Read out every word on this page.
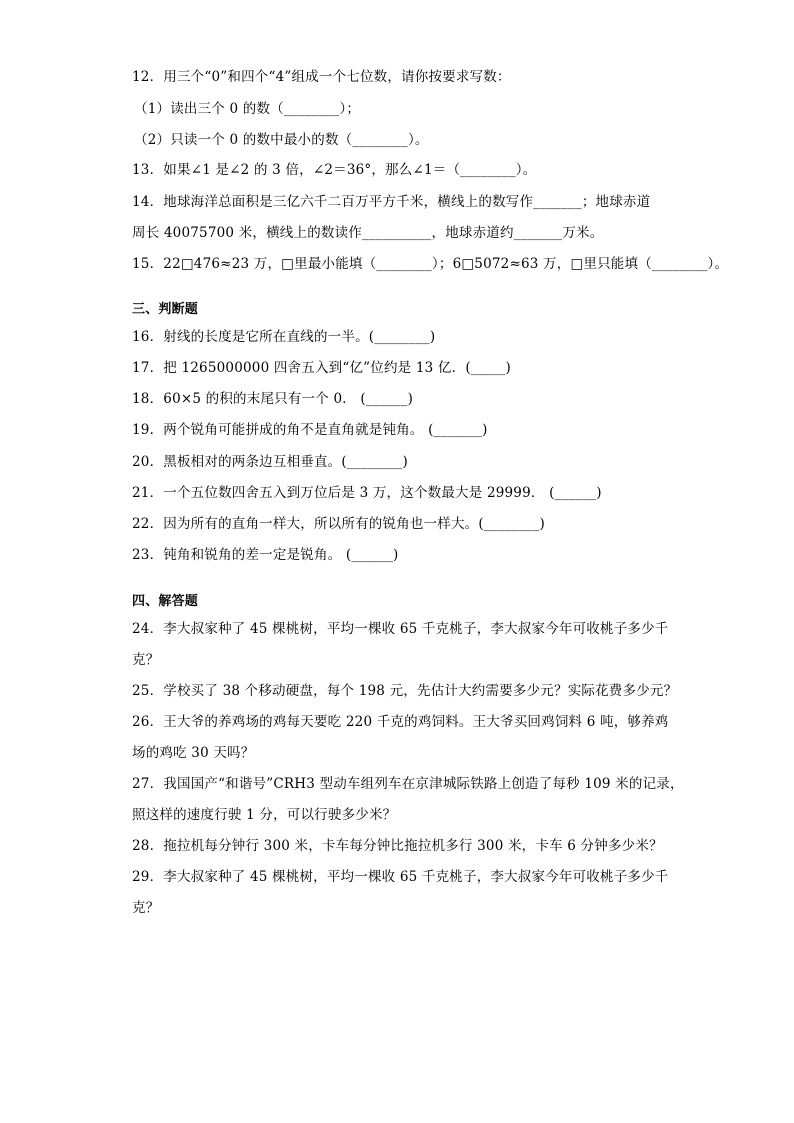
12．用三个“0”和四个“4”组成一个七位数，请你按要求写数：
（1）读出三个 0 的数（________）；
（2）只读一个 0 的数中最小的数（________）。
13．如果∠1 是∠2 的 3 倍，∠2＝36°，那么∠1＝（________）。
14．地球海洋总面积是三亿六千二百万平方千米，横线上的数写作_______；地球赤道
周长 40075700 米，横线上的数读作__________，地球赤道约_______万米。
15．22□476≈23 万，□里最小能填（________）；6□5072≈63 万，□里只能填（________）。
三、判断题
16．射线的长度是它所在直线的一半。(________)
17．把 1265000000 四舍五入到“亿”位约是 13 亿．(_____)
18．60×5 的积的末尾只有一个 0． (______)
19．两个锐角可能拼成的角不是直角就是钝角。 (_______)
20．黑板相对的两条边互相垂直。(________)
21．一个五位数四舍五入到万位后是 3 万，这个数最大是 29999． (______)
22．因为所有的直角一样大，所以所有的锐角也一样大。(________)
23．钝角和锐角的差一定是锐角。 (______)
四、解答题
24．李大叔家种了 45 棵桃树，平均一棵收 65 千克桃子，李大叔家今年可收桃子多少千
克？
25．学校买了 38 个移动硬盘，每个 198 元，先估计大约需要多少元？实际花费多少元？
26．王大爷的养鸡场的鸡每天要吃 220 千克的鸡饲料。王大爷买回鸡饲料 6 吨，够养鸡
场的鸡吃 30 天吗？
27．我国国产“和谐号”CRH3 型动车组列车在京津城际铁路上创造了每秒 109 米的记录，
照这样的速度行驶 1 分，可以行驶多少米？
28．拖拉机每分钟行 300 米，卡车每分钟比拖拉机多行 300 米，卡车 6 分钟多少米？
29．李大叔家种了 45 棵桃树，平均一棵收 65 千克桃子，李大叔家今年可收桃子多少千
克？
